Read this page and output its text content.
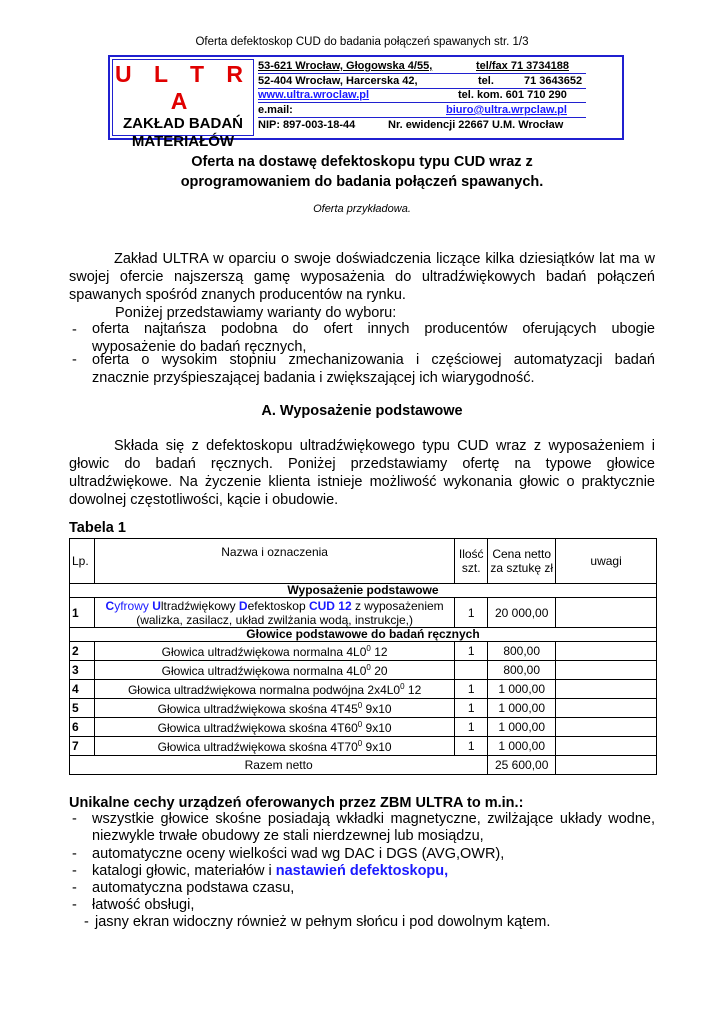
Oferta defektoskop CUD do badania połączeń spawanych str. 1/3
U L T R A
ZAKŁAD BADAŃ
MATERIAŁÓW
53-621 Wrocław, Głogowska 4/55,	tel/fax 71 3734188
52-404 Wrocław, Harcerska 42,	tel.	71 3643652
www.ultra.wroclaw.pl	tel. kom. 601 710 290
e.mail:	biuro@ultra.wrpclaw.pl
NIP: 897-003-18-44	Nr. ewidencji 22667 U.M. Wrocław
Oferta na dostawę defektoskopu typu CUD wraz z
oprogramowaniem do badania połączeń spawanych.
Oferta przykładowa.
Zakład ULTRA w oparciu o swoje doświadczenia liczące kilka dziesiątków lat ma w swojej ofercie najszerszą gamę wyposażenia do ultradźwiękowych badań połączeń spawanych spośród znanych producentów na rynku.
Poniżej przedstawiamy warianty do wyboru:
- oferta najtańsza podobna do ofert innych producentów oferujących ubogie
wyposażenie do badań ręcznych,
- oferta o wysokim stopniu zmechanizowania i częściowej automatyzacji badań
znacznie przyśpieszającej badania i zwiększającej ich wiarygodność.
A. Wyposażenie podstawowe
Składa się z defektoskopu ultradźwiękowego typu CUD wraz z wyposażeniem i głowic do badań ręcznych. Poniżej przedstawiamy ofertę na typowe głowice ultradźwiękowe. Na życzenie klienta istnieje możliwość wykonania głowic o praktycznie dowolnej częstotliwości, kącie i obudowie.
Tabela 1
Lp.	Nazwa i oznaczenia	Ilość szt.	Cena netto za sztukę zł	uwagi
Wyposażenie podstawowe				
1	Cyfrowy Ultradźwiękowy Defektoskop CUD 12 z wyposażeniem
(walizka, zasilacz, układ zwilżania wodą, instrukcje,)	1	20 000,00	
Głowice podstawowe do badań ręcznych				
2	Głowica ultradźwiękowa normalna $4L0^0$ 12	1	800,00	
3	Głowica ultradźwiękowa normalna $4L0^0$ 20		800,00	
4	Głowica ultradźwiękowa normalna podwójna $2x4L0^0$ 12	1	1 000,00	
5	Głowica ultradźwiękowa skośna $4T45^0$ 9x10	1	1 000,00	
6	Głowica ultradźwiękowa skośna $4T60^0$ 9x10	1	1 000,00	
7	Głowica ultradźwiękowa skośna $4T70^0$ 9x10	1	1 000,00	
Razem netto			25 600,00	
Unikalne cechy urządzeń oferowanych przez ZBM ULTRA to m.in.:
- wszystkie głowice skośne posiadają wkładki magnetyczne, zwilżające układy wodne,
niezwykle trwałe obudowy ze stali nierdzewnej lub mosiądzu,
- automatyczne oceny wielkości wad wg DAC i DGS (AVG,OWR),
- katalogi głowic, materiałów i nastawień defektoskopu,
- automatyczna podstawa czasu,
- łatwość obsługi,
- jasny ekran widoczny również w pełnym słońcu i pod dowolnym kątem.
